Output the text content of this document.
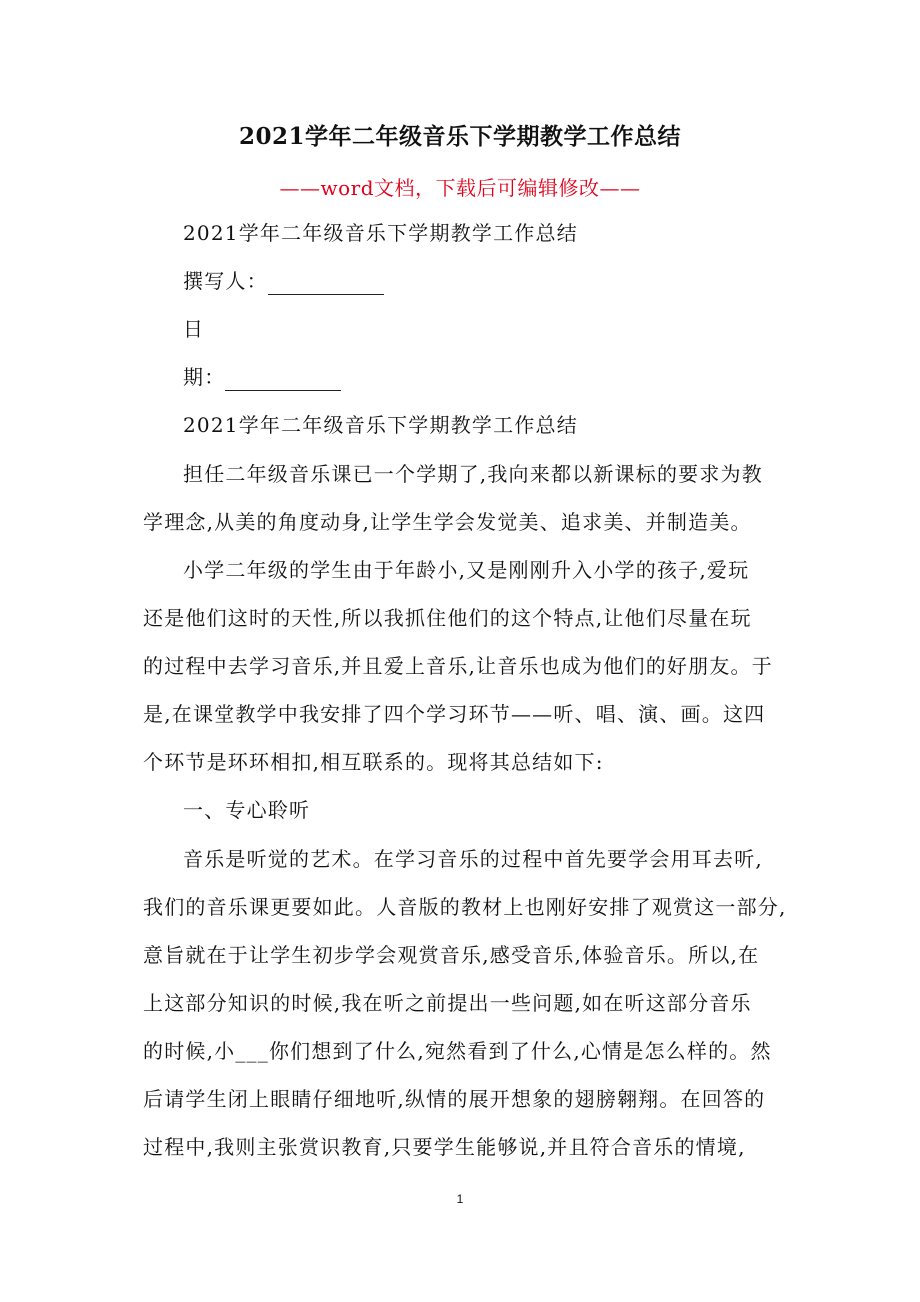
2021学年二年级音乐下学期教学工作总结
——word文档，下载后可编辑修改——
2021学年二年级音乐下学期教学工作总结
撰写人：
日
期：
2021学年二年级音乐下学期教学工作总结
担任二年级音乐课已一个学期了,我向来都以新课标的要求为教
学理念,从美的角度动身,让学生学会发觉美、追求美、并制造美。
小学二年级的学生由于年龄小,又是刚刚升入小学的孩子,爱玩
还是他们这时的天性,所以我抓住他们的这个特点,让他们尽量在玩
的过程中去学习音乐,并且爱上音乐,让音乐也成为他们的好朋友。于
是,在课堂教学中我安排了四个学习环节——听、唱、演、画。这四
个环节是环环相扣,相互联系的。现将其总结如下:
一、专心聆听
音乐是听觉的艺术。在学习音乐的过程中首先要学会用耳去听,
我们的音乐课更要如此。人音版的教材上也刚好安排了观赏这一部分,
意旨就在于让学生初步学会观赏音乐,感受音乐,体验音乐。所以,在
上这部分知识的时候,我在听之前提出一些问题,如在听这部分音乐
的时候,小___你们想到了什么,宛然看到了什么,心情是怎么样的。然
后请学生闭上眼睛仔细地听,纵情的展开想象的翅膀翱翔。在回答的
过程中,我则主张赏识教育,只要学生能够说,并且符合音乐的情境,
1
